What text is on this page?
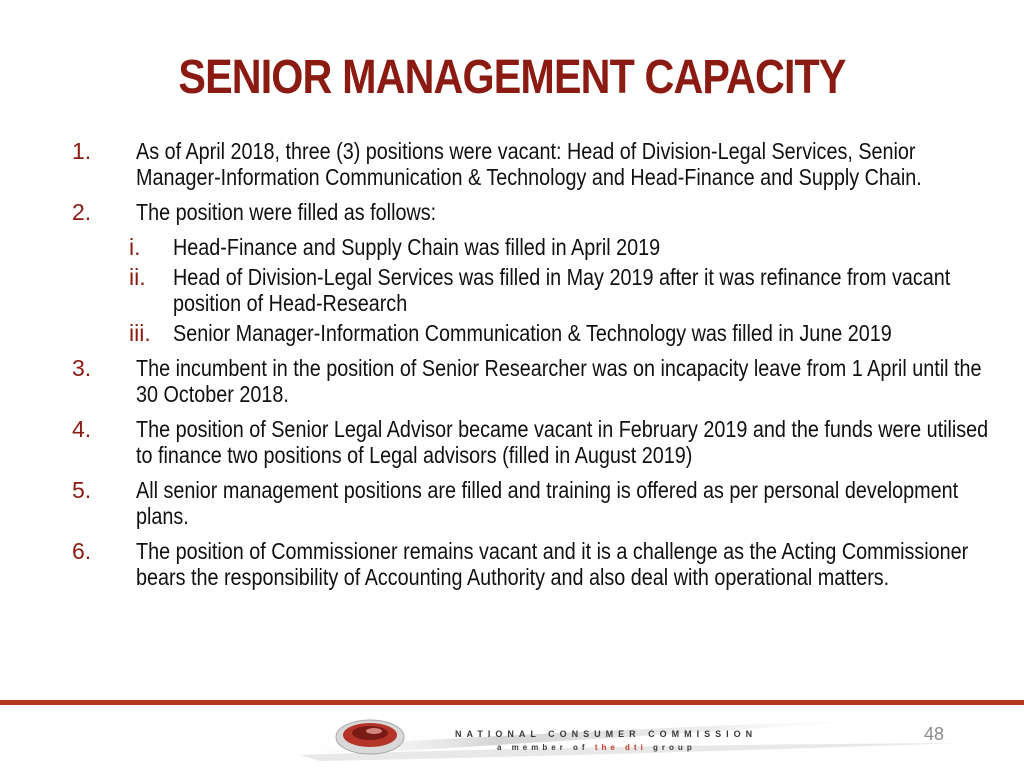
SENIOR MANAGEMENT CAPACITY
1. As of April 2018, three (3) positions were vacant: Head of Division-Legal Services, Senior Manager-Information Communication & Technology and Head-Finance and Supply Chain.
2. The position were filled as follows:
i. Head-Finance and Supply Chain was filled in April 2019
ii. Head of Division-Legal Services was filled in May 2019 after it was refinance from vacant position of Head-Research
iii. Senior Manager-Information Communication & Technology was filled in June 2019
3. The incumbent in the position of Senior Researcher was on incapacity leave from 1 April until the 30 October 2018.
4. The position of Senior Legal Advisor became vacant in February 2019 and the funds were utilised to finance two positions of Legal advisors (filled in August 2019)
5. All senior management positions are filled and training is offered as per personal development plans.
6. The position of Commissioner remains vacant and it is a challenge as the Acting Commissioner bears the responsibility of Accounting Authority and also deal with operational matters.
NATIONAL CONSUMER COMMISSION
a member of the dti group
48
